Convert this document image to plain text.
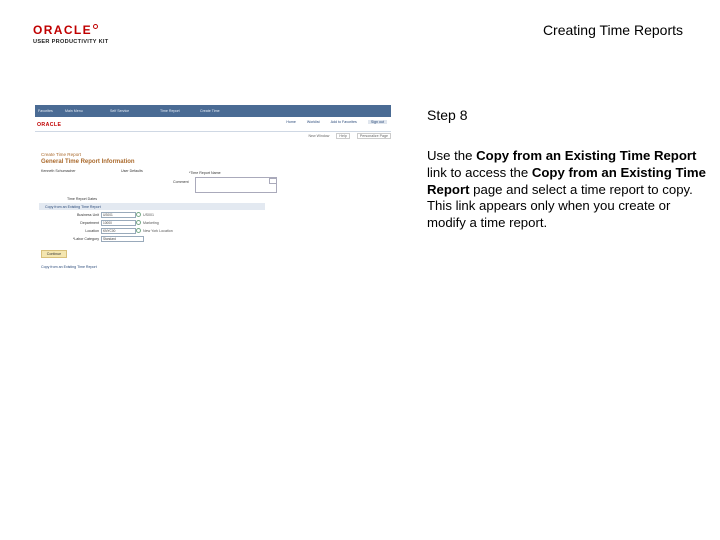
ORACLE
USER PRODUCTIVITY KIT
Creating Time Reports
Favorites	Main Menu	Self Service	Time Report	Create Time
ORACLE	Home	Worklist	Add to Favorites	Sign out
New Window	Help	Personalize Page
Create Time Report
General Time Report Information
Kenneth Schumacher	User Defaults	*Time Report Name
Comment
Time Report Dates
Copy from an Existing Time Report
Business Unit	US001	US001
Department	10000	Marketing
Location	KNYC00	New York Location
*Labor Category	Standard
Continue
Copy from an Existing Time Report
Step 8
Use the Copy from an Existing Time Report link to access the Copy from an Existing Time Report page and select a time report to copy. This link appears only when you create or modify a time report.
